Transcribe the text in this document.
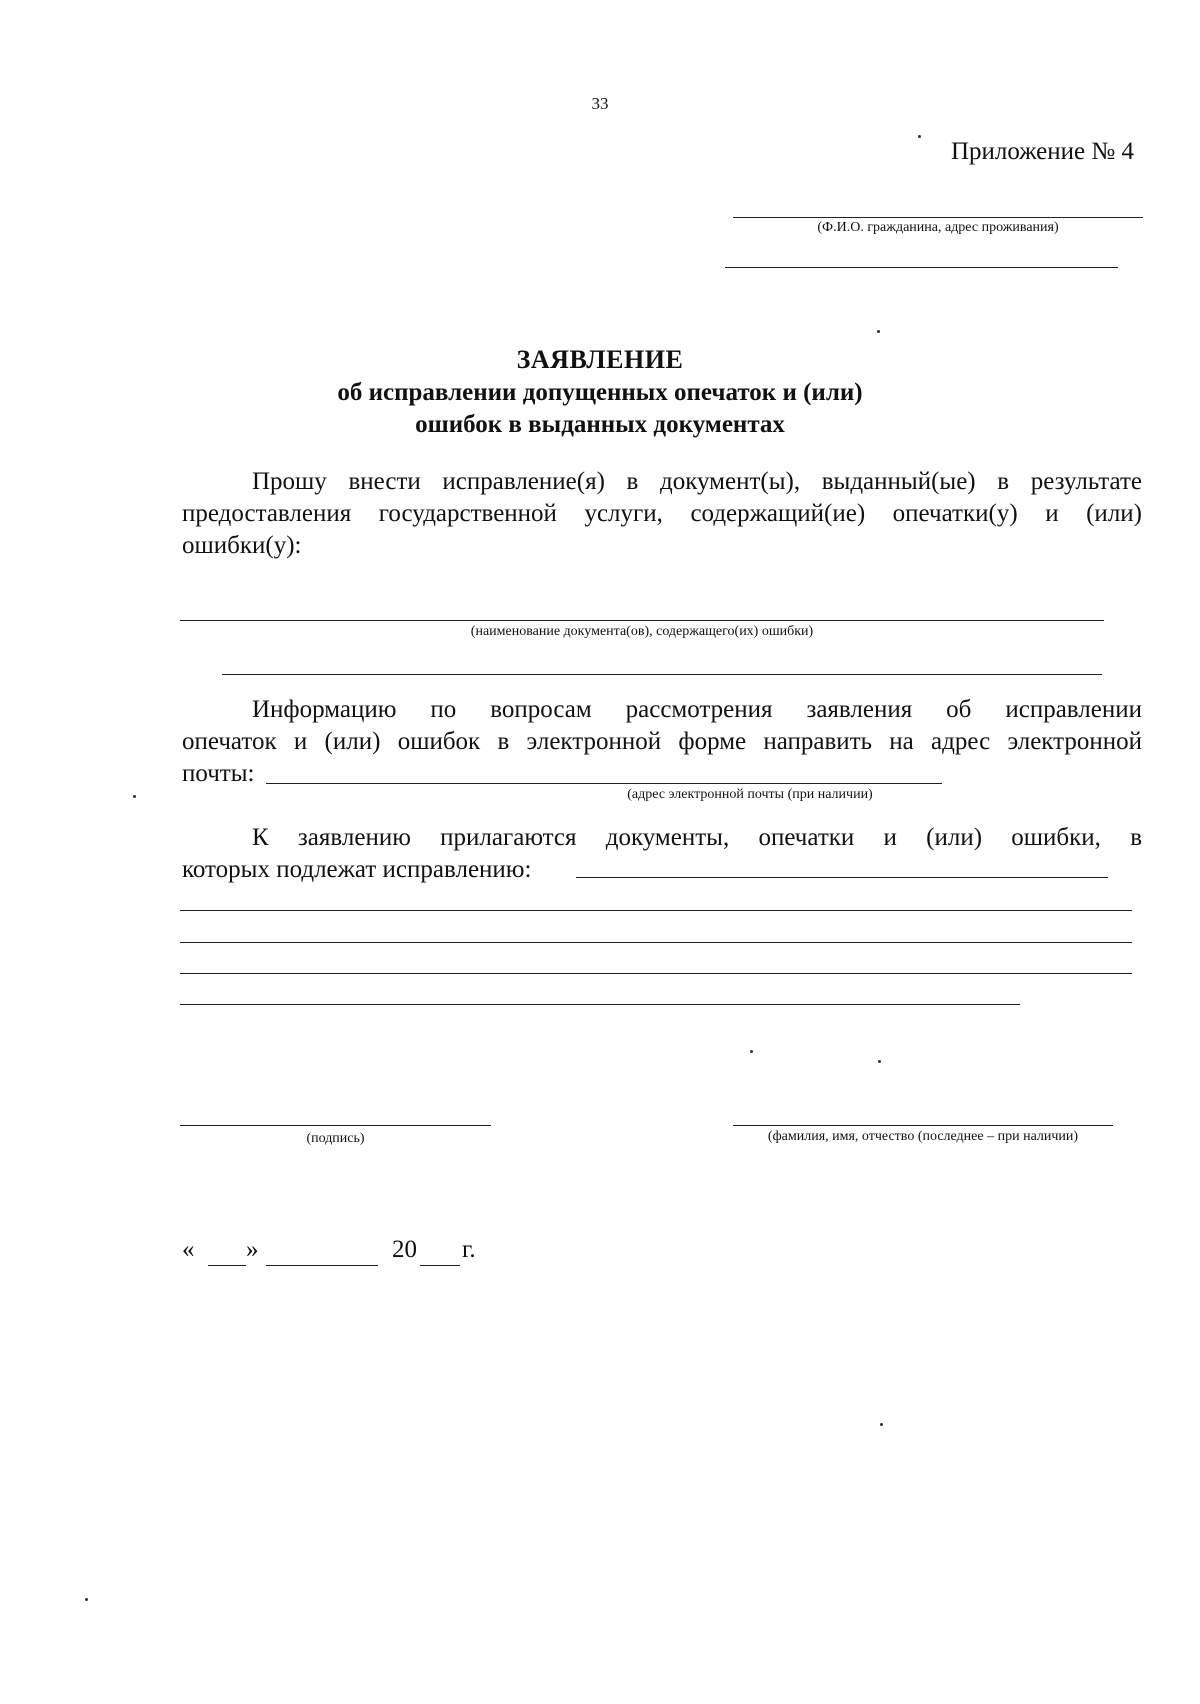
33
Приложение № 4
(Ф.И.О. гражданина, адрес проживания)
ЗАЯВЛЕНИЕ
об исправлении допущенных опечаток и (или)
ошибок в выданных документах
Прошу внести исправление(я) в документ(ы), выданный(ые) в результате
предоставления государственной услуги, содержащий(ие) опечатки(у) и (или)
ошибки(у):
(наименование документа(ов), содержащего(их) ошибки)
Информацию по вопросам рассмотрения заявления об исправлении
опечаток и (или) ошибок в электронной форме направить на адрес электронной
почты:
(адрес электронной почты (при наличии)
К заявлению прилагаются документы, опечатки и (или) ошибки, в
которых подлежат исправлению:
(подпись)	(фамилия, имя, отчество (последнее – при наличии)
« »	20 г.
